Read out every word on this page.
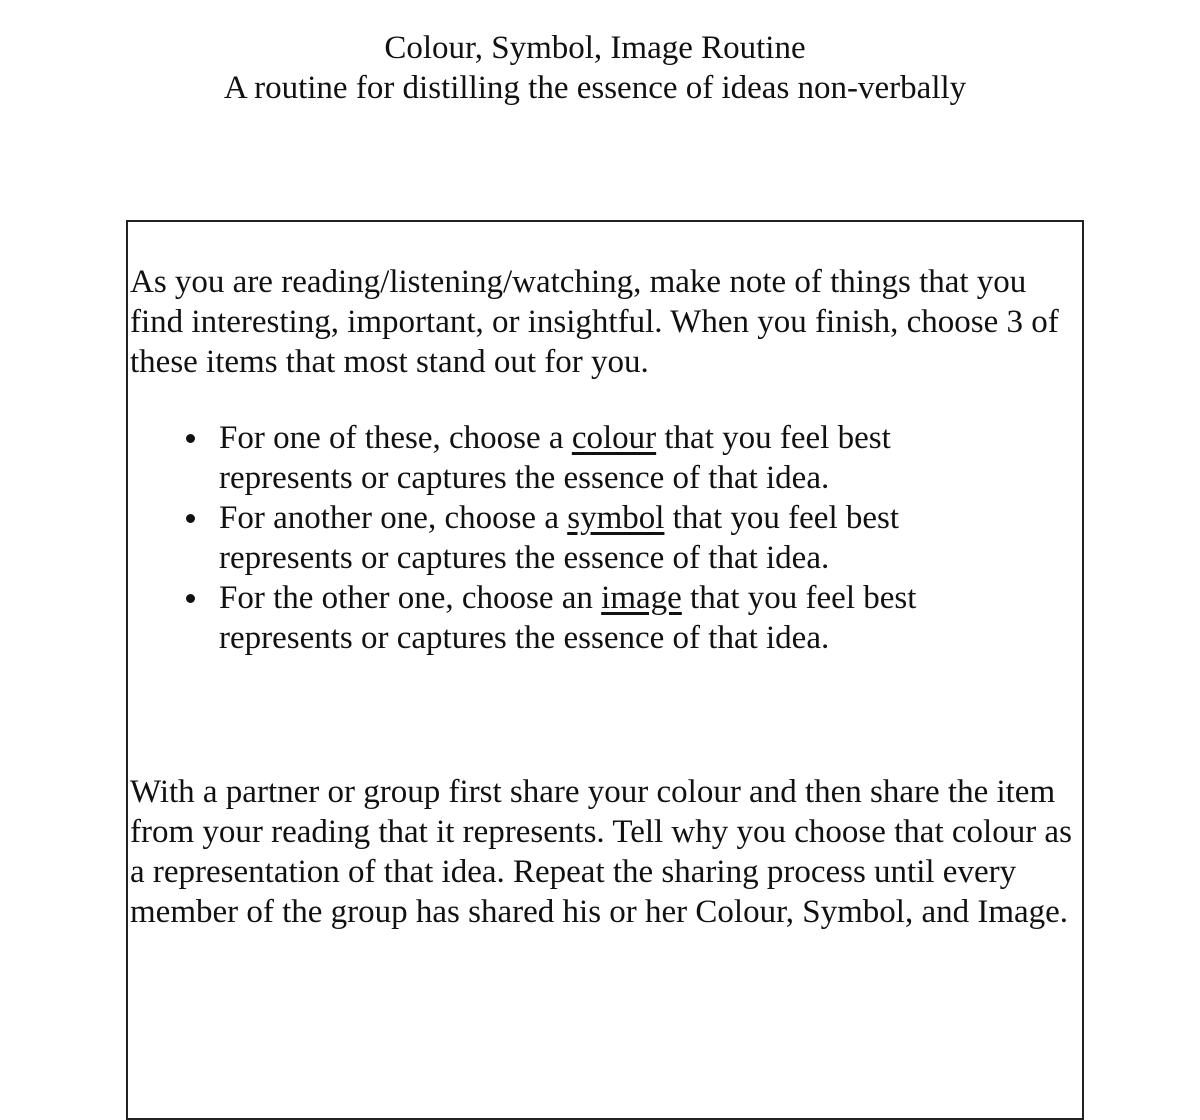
Colour, Symbol, Image Routine
A routine for distilling the essence of ideas non-verbally

As you are reading/listening/watching, make note of things that you find interesting, important, or insightful. When you finish, choose 3 of these items that most stand out for you.

For one of these, choose a colour that you feel best represents or captures the essence of that idea.
For another one, choose a symbol that you feel best represents or captures the essence of that idea.
For the other one, choose an image that you feel best represents or captures the essence of that idea.

With a partner or group first share your colour and then share the item from your reading that it represents. Tell why you choose that colour as a representation of that idea. Repeat the sharing process until every member of the group has shared his or her Colour, Symbol, and Image.
